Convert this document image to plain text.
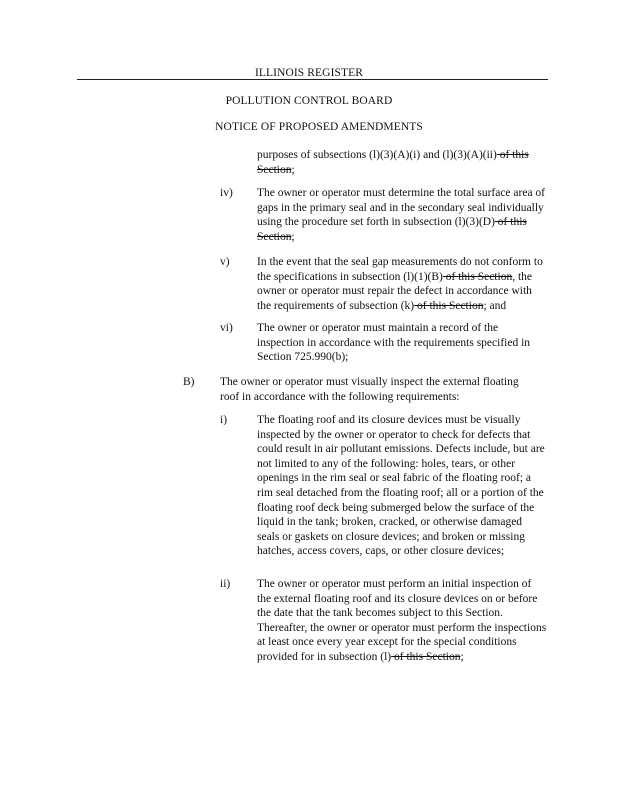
ILLINOIS REGISTER
POLLUTION CONTROL BOARD
NOTICE OF PROPOSED AMENDMENTS
purposes of subsections (l)(3)(A)(i) and (l)(3)(A)(ii) of this Section;
iv) The owner or operator must determine the total surface area of gaps in the primary seal and in the secondary seal individually using the procedure set forth in subsection (l)(3)(D) of this Section;
v) In the event that the seal gap measurements do not conform to the specifications in subsection (l)(1)(B) of this Section, the owner or operator must repair the defect in accordance with the requirements of subsection (k) of this Section; and
vi) The owner or operator must maintain a record of the inspection in accordance with the requirements specified in Section 725.990(b);
B) The owner or operator must visually inspect the external floating roof in accordance with the following requirements:
i)	The floating roof and its closure devices must be visually inspected by the owner or operator to check for defects that could result in air pollutant emissions. Defects include, but are not limited to any of the following: holes, tears, or other openings in the rim seal or seal fabric of the floating roof; a rim seal detached from the floating roof; all or a portion of the floating roof deck being submerged below the surface of the liquid in the tank; broken, cracked, or otherwise damaged seals or gaskets on closure devices; and broken or missing hatches, access covers, caps, or other closure devices;
ii) The owner or operator must perform an initial inspection of the external floating roof and its closure devices on or before the date that the tank becomes subject to this Section. Thereafter, the owner or operator must perform the inspections at least once every year except for the special conditions provided for in subsection (l) of this Section;
